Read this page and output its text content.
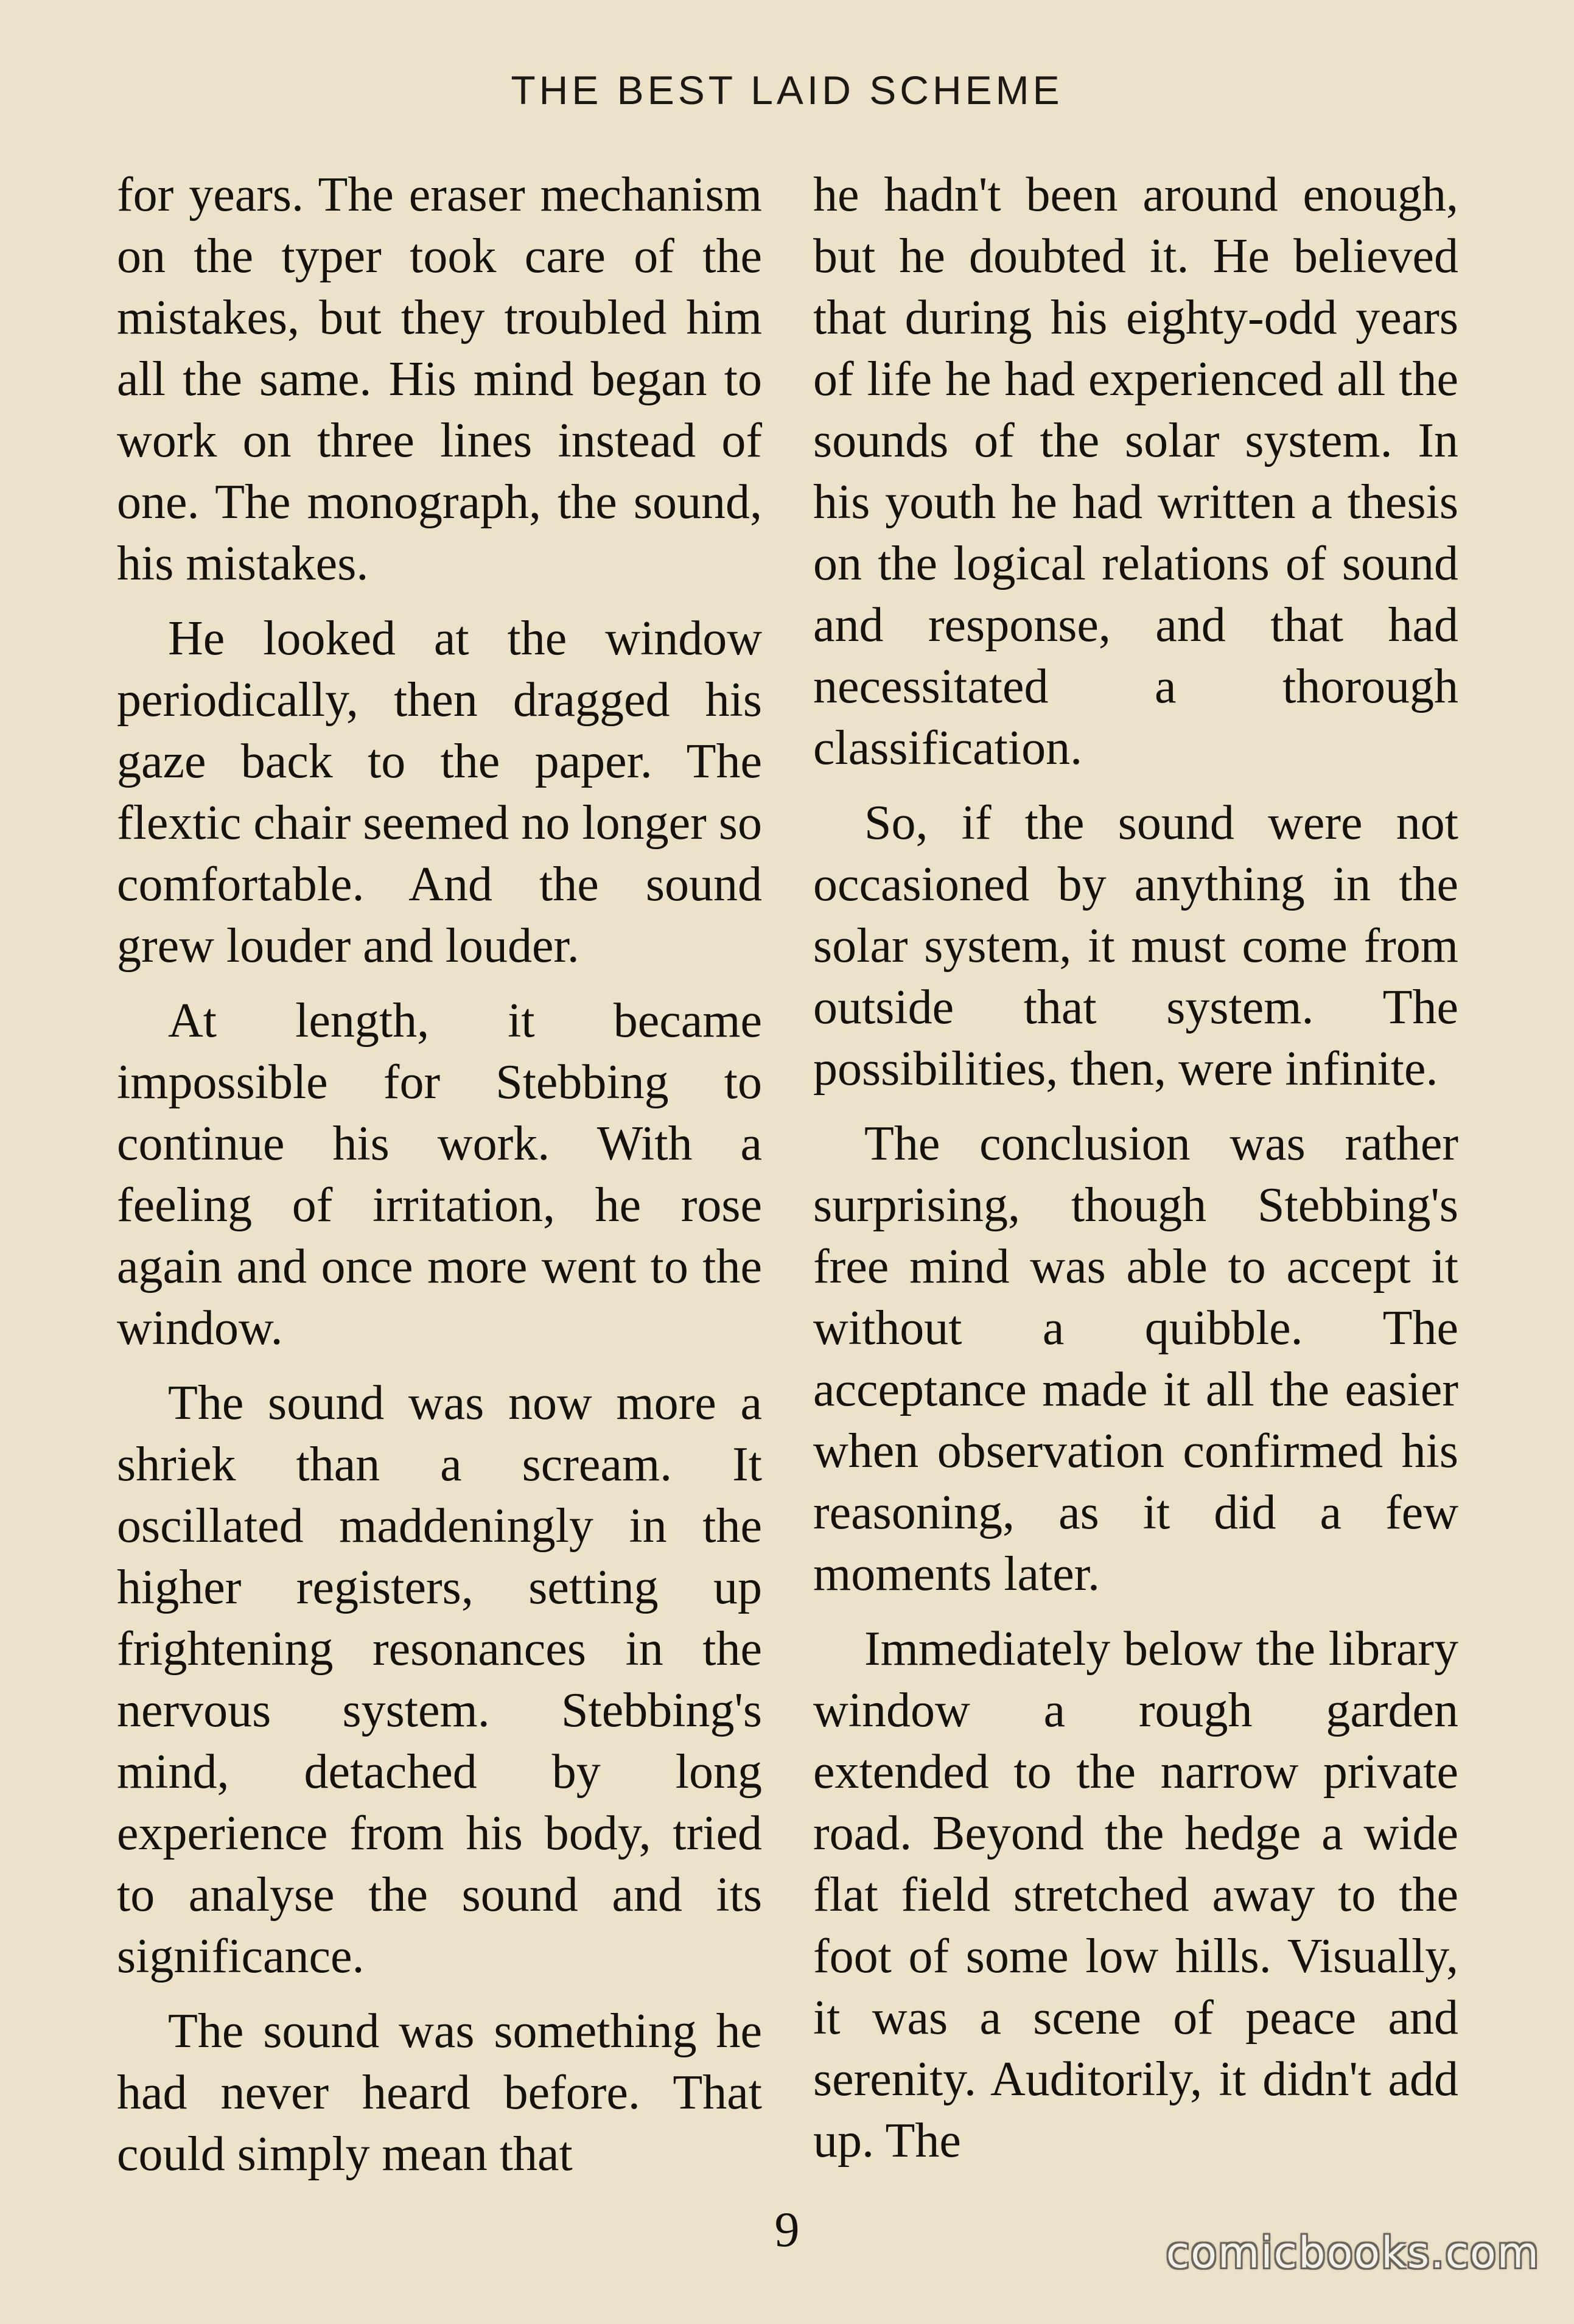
THE BEST LAID SCHEME

for years. The eraser mechanism on the typer took care of the mistakes, but they troubled him all the same. His mind began to work on three lines instead of one. The monograph, the sound, his mistakes.

He looked at the window periodically, then dragged his gaze back to the paper. The flextic chair seemed no longer so comfortable. And the sound grew louder and louder.

At length, it became impossible for Stebbing to continue his work. With a feeling of irritation, he rose again and once more went to the window.

The sound was now more a shriek than a scream. It oscillated maddeningly in the higher registers, setting up frightening resonances in the nervous system. Stebbing's mind, detached by long experience from his body, tried to analyse the sound and its significance.

The sound was something he had never heard before. That could simply mean that

he hadn't been around enough, but he doubted it. He believed that during his eighty-odd years of life he had experienced all the sounds of the solar system. In his youth he had written a thesis on the logical relations of sound and response, and that had necessitated a thorough classification.

So, if the sound were not occasioned by anything in the solar system, it must come from outside that system. The possibilities, then, were infinite.

The conclusion was rather surprising, though Stebbing's free mind was able to accept it without a quibble. The acceptance made it all the easier when observation confirmed his reasoning, as it did a few moments later.

Immediately below the library window a rough garden extended to the narrow private road. Beyond the hedge a wide flat field stretched away to the foot of some low hills. Visually, it was a scene of peace and serenity. Auditorily, it didn't add up. The

9	comicbooks.com
